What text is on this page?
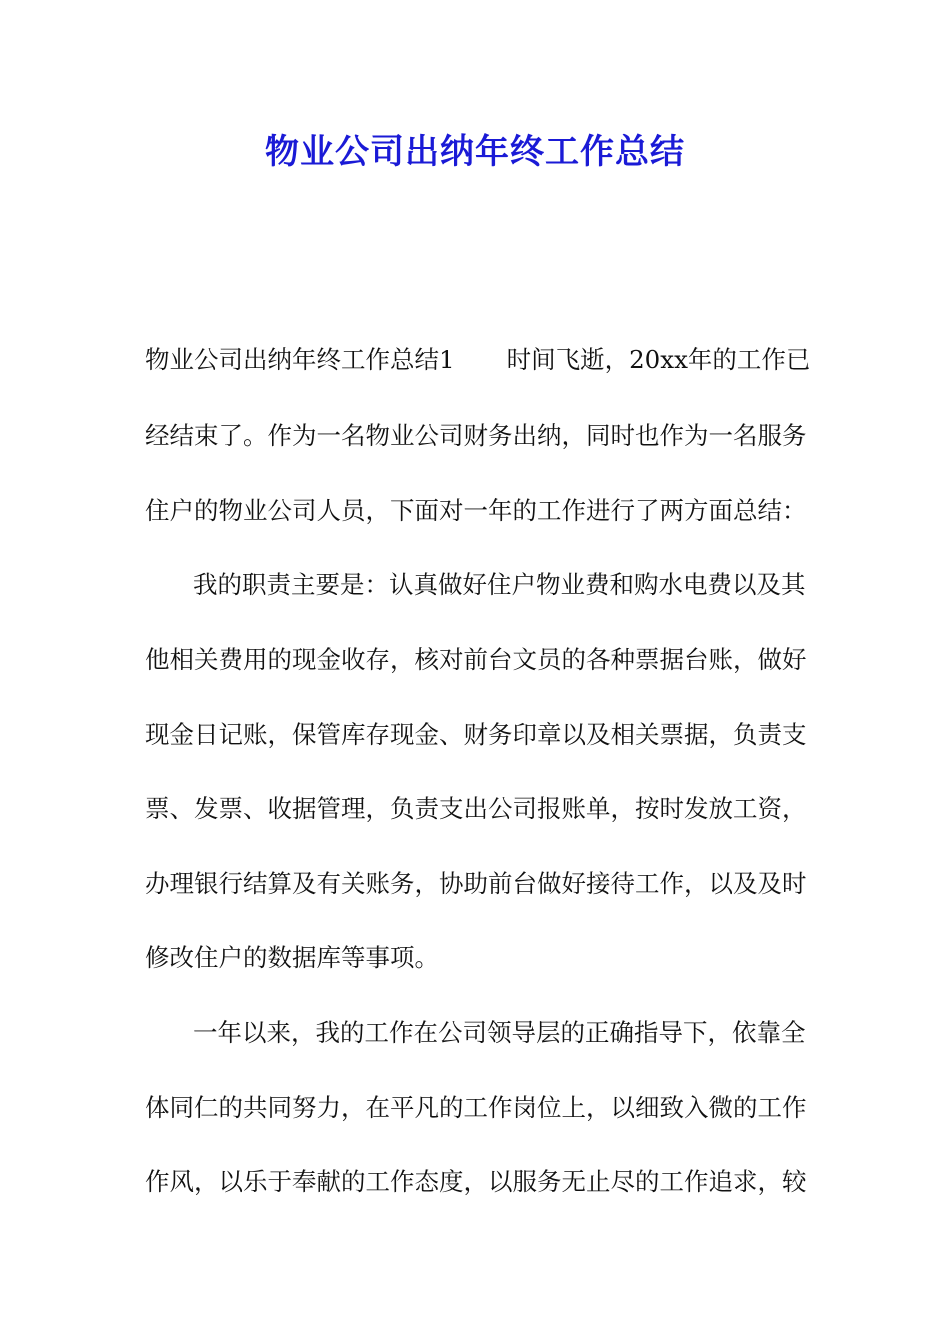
物业公司出纳年终工作总结

物业公司出纳年终工作总结1 时间飞逝，20xx年的工作已

经结束了。作为一名物业公司财务出纳，同时也作为一名服务

住户的物业公司人员，下面对一年的工作进行了两方面总结：

我的职责主要是：认真做好住户物业费和购水电费以及其

他相关费用的现金收存，核对前台文员的各种票据台账，做好

现金日记账，保管库存现金、财务印章以及相关票据，负责支

票、发票、收据管理，负责支出公司报账单，按时发放工资，

办理银行结算及有关账务，协助前台做好接待工作，以及及时

修改住户的数据库等事项。

一年以来，我的工作在公司领导层的正确指导下，依靠全

体同仁的共同努力，在平凡的工作岗位上，以细致入微的工作

作风，以乐于奉献的工作态度，以服务无止尽的工作追求，较
